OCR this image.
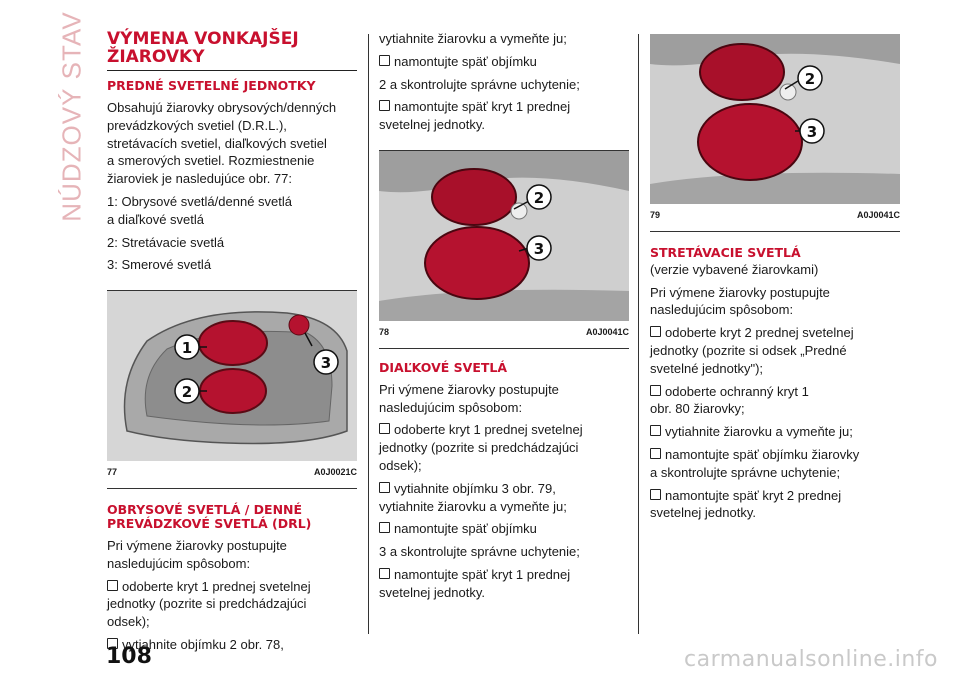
NÚDZOVÝ STAV VÝMENA VONKAJŠEJ
ŽIAROVKY
PREDNÉ SVETELNÉ JEDNOTKY

Obsahujú žiarovky obrysových/denných
prevádzkových svetiel (D.R.L.),
stretávacích svetiel, diaľkových svetiel
a smerových svetiel. Rozmiestnenie
žiaroviek je nasledujúce obr. 77:

1: Obrysové svetlá/denné svetlá
a diaľkové svetlá

2: Stretávacie svetlá

3: Smerové svetlá

1
2
3
77	A0J0021C
OBRYSOVÉ SVETLÁ / DENNÉ
PREVÁDZKOVÉ SVETLÁ (DRL)

Pri výmene žiarovky postupujte
nasledujúcim spôsobom:

odoberte kryt 1 prednej svetelnej
jednotky (pozrite si predchádzajúci
odsek);

vytiahnite objímku 2 obr. 78,

vytiahnite žiarovku a vymeňte ju;

namontujte späť objímku

2 a skontrolujte správne uchytenie;

namontujte späť kryt 1 prednej
svetelnej jednotky.

2
3
78	A0J0041C
DIAĽKOVÉ SVETLÁ

Pri výmene žiarovky postupujte
nasledujúcim spôsobom:

odoberte kryt 1 prednej svetelnej
jednotky (pozrite si predchádzajúci
odsek);

vytiahnite objímku 3 obr. 79,
vytiahnite žiarovku a vymeňte ju;

namontujte späť objímku

3 a skontrolujte správne uchytenie;

namontujte späť kryt 1 prednej
svetelnej jednotky.

2
3
79	A0J0041C
STRETÁVACIE SVETLÁ

(verzie vybavené žiarovkami)

Pri výmene žiarovky postupujte
nasledujúcim spôsobom:

odoberte kryt 2 prednej svetelnej
jednotky (pozrite si odsek „Predné
svetelné jednotky");

odoberte ochranný kryt 1
obr. 80 žiarovky;

vytiahnite žiarovku a vymeňte ju;

namontujte späť objímku žiarovky
a skontrolujte správne uchytenie;

namontujte späť kryt 2 prednej
svetelnej jednotky.

108	carmanualsonline.info
